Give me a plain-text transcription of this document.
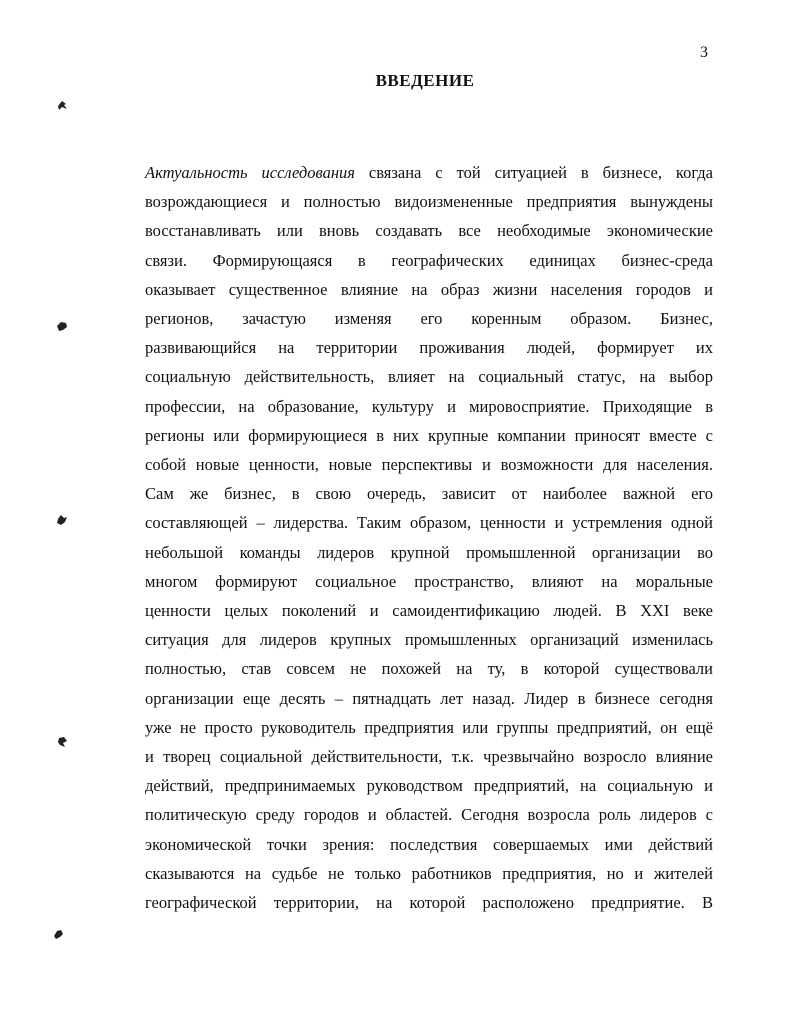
3
ВВЕДЕНИЕ
Актуальность исследования связана с той ситуацией в бизнесе, когда
возрождающиеся и полностью видоизмененные предприятия вынуждены
восстанавливать или вновь создавать все необходимые экономические
связи. Формирующаяся в географических единицах бизнес-среда
оказывает существенное влияние на образ жизни населения городов и
регионов, зачастую изменяя его коренным образом. Бизнес,
развивающийся на территории проживания людей, формирует их
социальную действительность, влияет на социальный статус, на выбор
профессии, на образование, культуру и мировосприятие. Приходящие в
регионы или формирующиеся в них крупные компании приносят вместе с
собой новые ценности, новые перспективы и возможности для населения.
Сам же бизнес, в свою очередь, зависит от наиболее важной его
составляющей – лидерства. Таким образом, ценности и устремления одной
небольшой команды лидеров крупной промышленной организации во
многом формируют социальное пространство, влияют на моральные
ценности целых поколений и самоидентификацию людей. В XXI веке
ситуация для лидеров крупных промышленных организаций изменилась
полностью, став совсем не похожей на ту, в которой существовали
организации еще десять – пятнадцать лет назад. Лидер в бизнесе сегодня
уже не просто руководитель предприятия или группы предприятий, он ещё
и творец социальной действительности, т.к. чрезвычайно возросло влияние
действий, предпринимаемых руководством предприятий, на социальную и
политическую среду городов и областей. Сегодня возросла роль лидеров с
экономической точки зрения: последствия совершаемых ими действий
сказываются на судьбе не только работников предприятия, но и жителей
географической территории, на которой расположено предприятие. В
